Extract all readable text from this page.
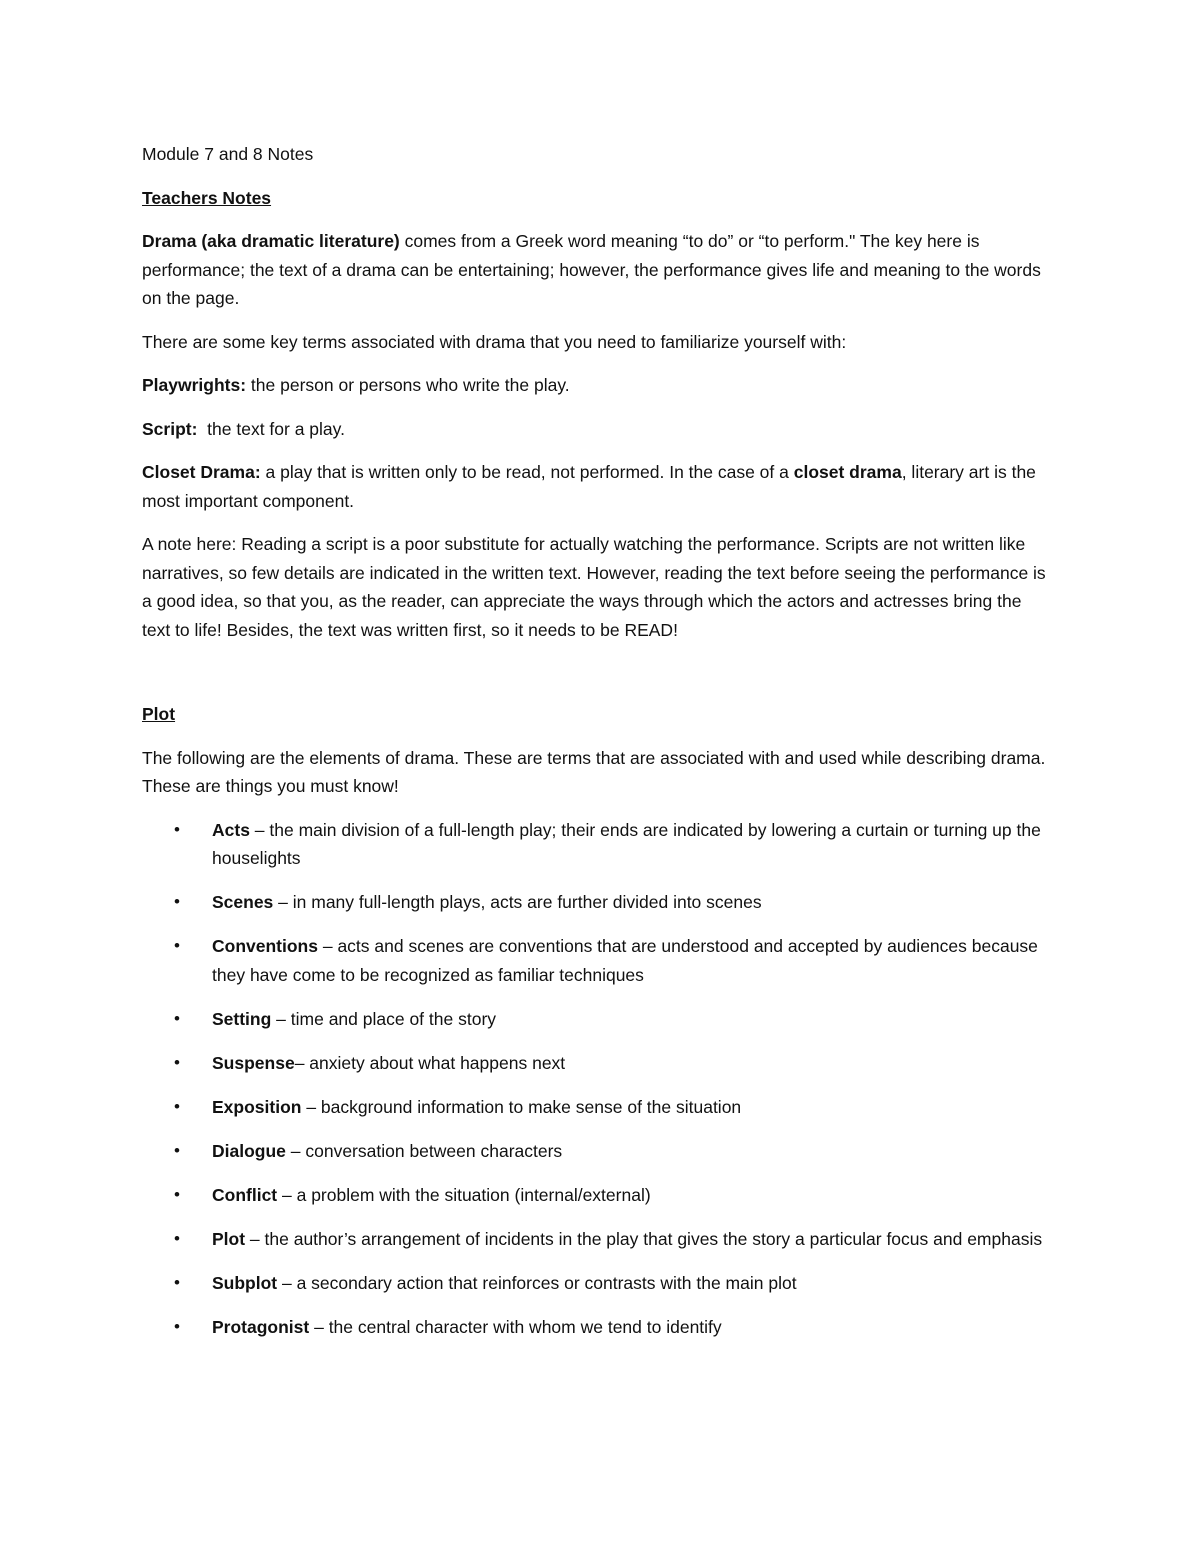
Module 7 and 8 Notes

Teachers Notes

Drama (aka dramatic literature) comes from a Greek word meaning “to do” or “to perform." The key here is performance; the text of a drama can be entertaining; however, the performance gives life and meaning to the words on the page.

There are some key terms associated with drama that you need to familiarize yourself with:

Playwrights: the person or persons who write the play.

Script:  the text for a play.

Closet Drama: a play that is written only to be read, not performed. In the case of a closet drama, literary art is the most important component.

A note here: Reading a script is a poor substitute for actually watching the performance. Scripts are not written like narratives, so few details are indicated in the written text. However, reading the text before seeing the performance is a good idea, so that you, as the reader, can appreciate the ways through which the actors and actresses bring the text to life! Besides, the text was written first, so it needs to be READ!

Plot

The following are the elements of drama. These are terms that are associated with and used while describing drama. These are things you must know!

• Acts – the main division of a full-length play; their ends are indicated by lowering a curtain or turning up the houselights
• Scenes – in many full-length plays, acts are further divided into scenes
• Conventions – acts and scenes are conventions that are understood and accepted by audiences because they have come to be recognized as familiar techniques
• Setting – time and place of the story
• Suspense– anxiety about what happens next
• Exposition – background information to make sense of the situation
• Dialogue – conversation between characters
• Conflict – a problem with the situation (internal/external)
• Plot – the author’s arrangement of incidents in the play that gives the story a particular focus and emphasis
• Subplot – a secondary action that reinforces or contrasts with the main plot
• Protagonist – the central character with whom we tend to identify
